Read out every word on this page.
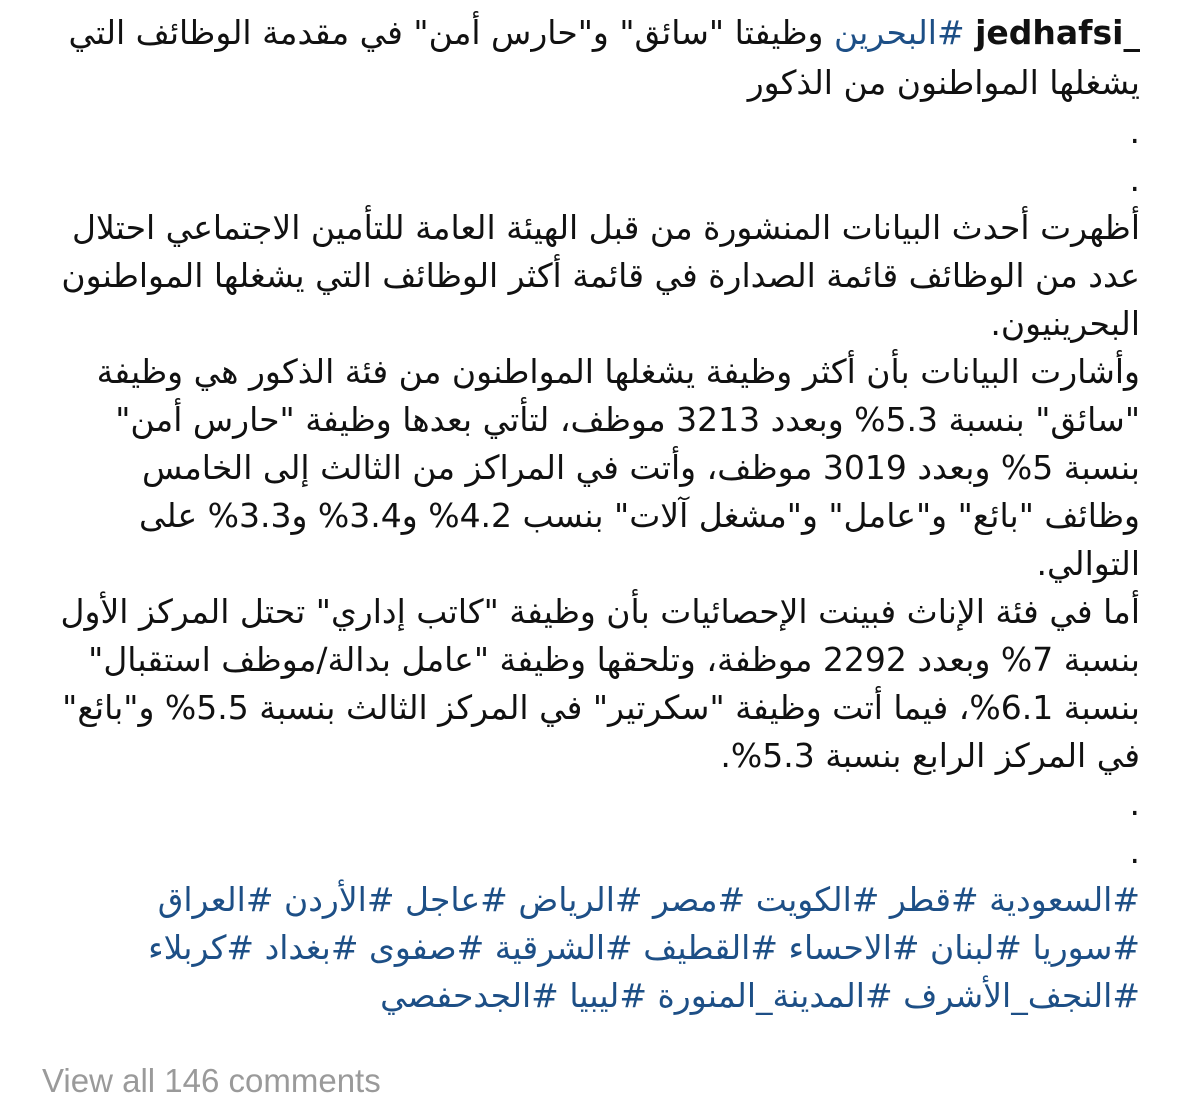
jedhafsi_ #البحرين وظيفتا "سائق" و"حارس أمن" في مقدمة الوظائف التي يشغلها المواطنون من الذكور

.

.

أظهرت أحدث البيانات المنشورة من قبل الهيئة العامة للتأمين الاجتماعي احتلال عدد من الوظائف قائمة الصدارة في قائمة أكثر الوظائف التي يشغلها المواطنون البحرينيون.

وأشارت البيانات بأن أكثر وظيفة يشغلها المواطنون من فئة الذكور هي وظيفة "سائق" بنسبة 5.3% وبعدد 3213 موظف، لتأتي بعدها وظيفة "حارس أمن" بنسبة 5% وبعدد 3019 موظف، وأتت في المراكز من الثالث إلى الخامس وظائف "بائع" و"عامل" و"مشغل آلات" بنسب 4.2% و3.4% و3.3% على التوالي.

أما في فئة الإناث فبينت الإحصائيات بأن وظيفة "كاتب إداري" تحتل المركز الأول بنسبة 7% وبعدد 2292 موظفة، وتلحقها وظيفة "عامل بدالة/موظف استقبال" بنسبة 6.1%، فيما أتت وظيفة "سكرتير" في المركز الثالث بنسبة 5.5% و"بائع" في المركز الرابع بنسبة 5.3%.

.

.

#السعودية #قطر #الكويت #مصر #الرياض #عاجل #الأردن #العراق #سوريا #لبنان #الاحساء #القطيف #الشرقية #صفوى #بغداد #كربلاء #النجف_الأشرف #المدينة_المنورة #ليبيا #الجدحفصي

View all 146 comments
